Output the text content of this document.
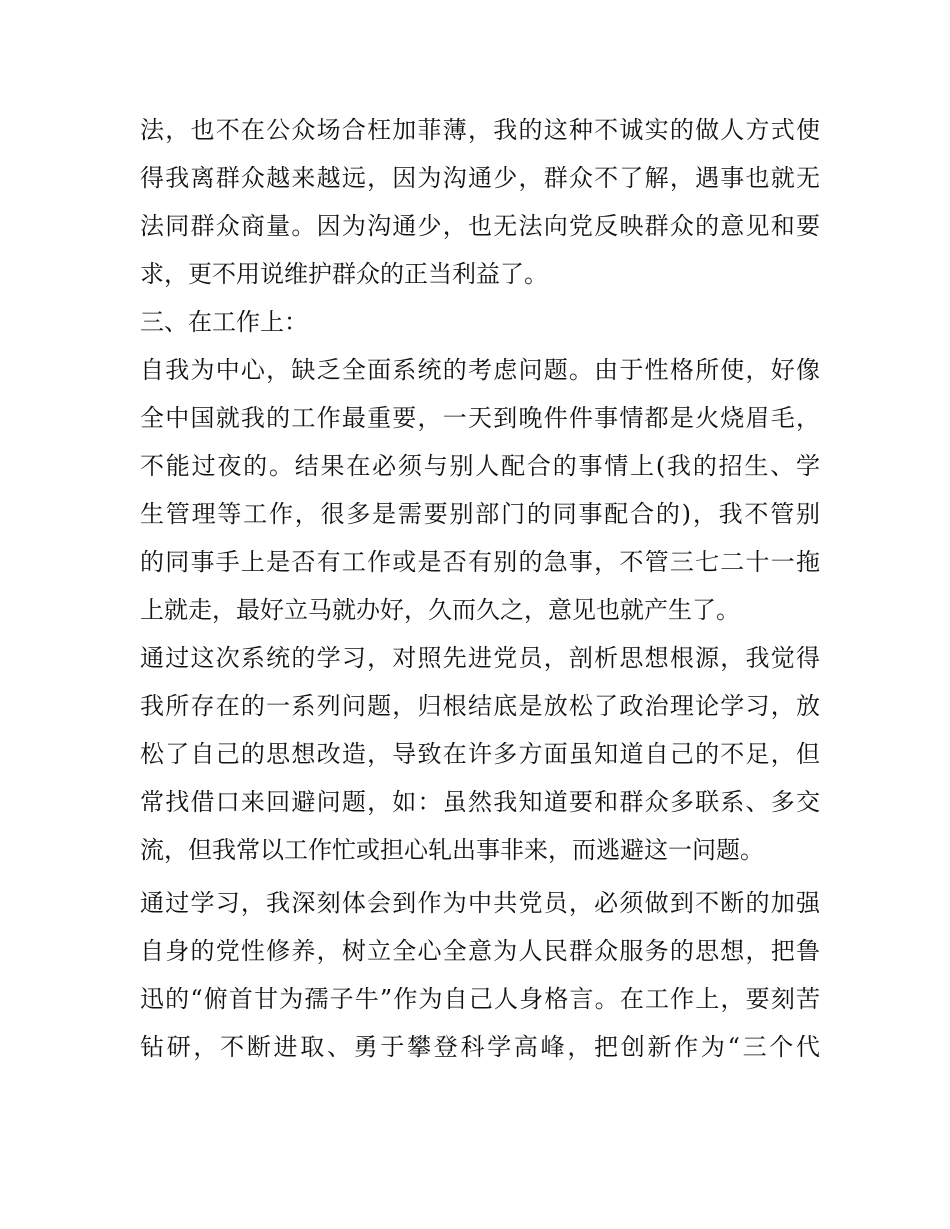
法，也不在公众场合枉加菲薄，我的这种不诚实的做人方式使
得我离群众越来越远，因为沟通少，群众不了解，遇事也就无
法同群众商量。因为沟通少，也无法向党反映群众的意见和要
求，更不用说维护群众的正当利益了。
三、在工作上：
自我为中心，缺乏全面系统的考虑问题。由于性格所使，好像
全中国就我的工作最重要，一天到晚件件事情都是火烧眉毛，
不能过夜的。结果在必须与别人配合的事情上(我的招生、学
生管理等工作，很多是需要别部门的同事配合的)，我不管别
的同事手上是否有工作或是否有别的急事，不管三七二十一拖
上就走，最好立马就办好，久而久之，意见也就产生了。
通过这次系统的学习，对照先进党员，剖析思想根源，我觉得
我所存在的一系列问题，归根结底是放松了政治理论学习，放
松了自己的思想改造，导致在许多方面虽知道自己的不足，但
常找借口来回避问题，如：虽然我知道要和群众多联系、多交
流，但我常以工作忙或担心轧出事非来，而逃避这一问题。
通过学习，我深刻体会到作为中共党员，必须做到不断的加强
自身的党性修养，树立全心全意为人民群众服务的思想，把鲁
迅的“俯首甘为孺子牛”作为自己人身格言。在工作上，要刻苦
钻研，不断进取、勇于攀登科学高峰，把创新作为“三个代
